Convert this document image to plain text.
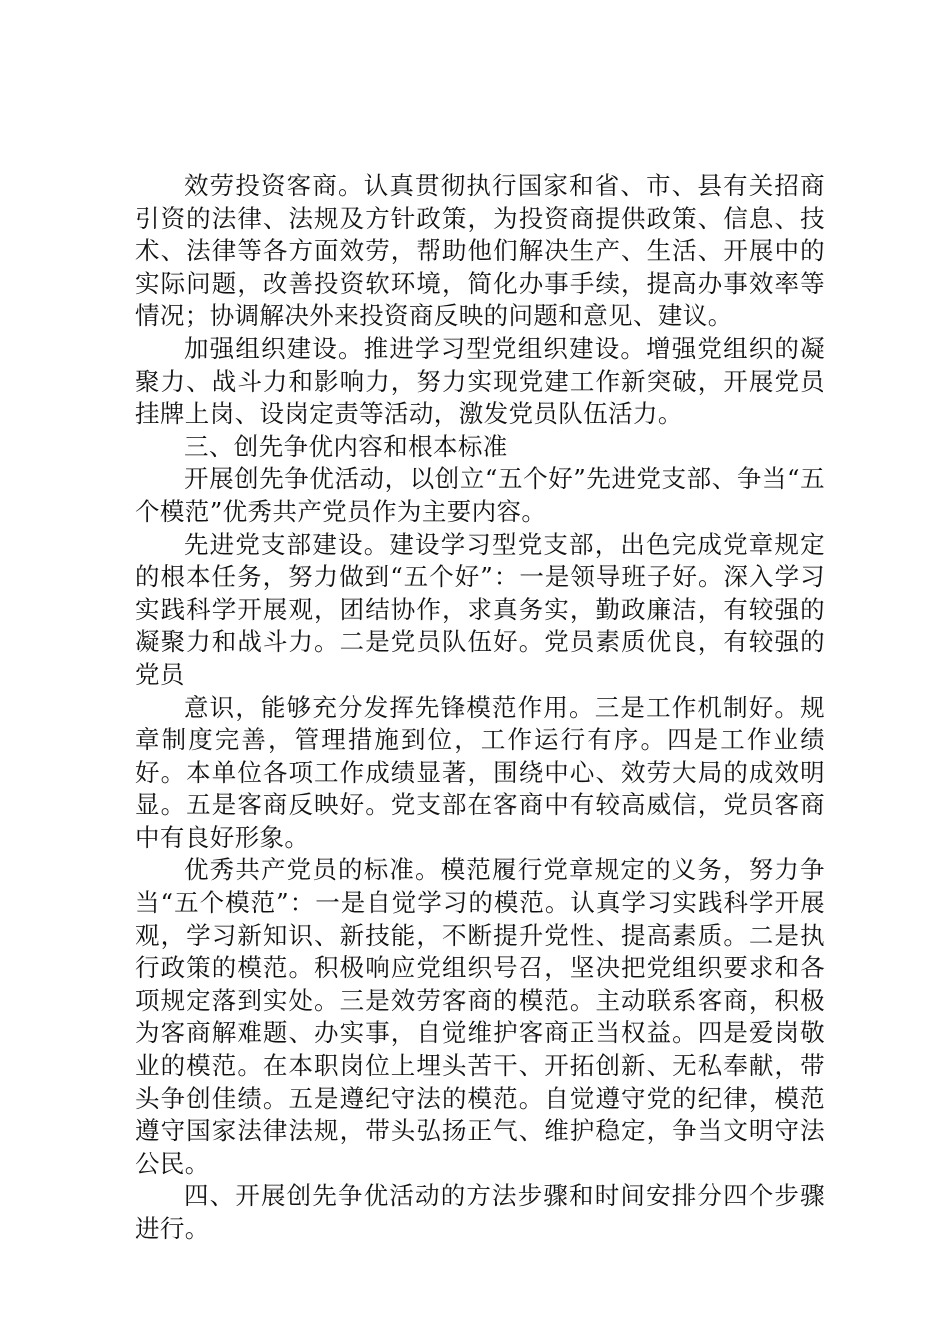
效劳投资客商。认真贯彻执行国家和省、市、县有关招商引资的法律、法规及方针政策，为投资商提供政策、信息、技术、法律等各方面效劳，帮助他们解决生产、生活、开展中的实际问题，改善投资软环境，简化办事手续，提高办事效率等情况；协调解决外来投资商反映的问题和意见、建议。

加强组织建设。推进学习型党组织建设。增强党组织的凝聚力、战斗力和影响力，努力实现党建工作新突破，开展党员挂牌上岗、设岗定责等活动，激发党员队伍活力。

三、创先争优内容和根本标准

开展创先争优活动，以创立“五个好”先进党支部、争当“五个模范”优秀共产党员作为主要内容。

先进党支部建设。建设学习型党支部，出色完成党章规定的根本任务，努力做到“五个好”：一是领导班子好。深入学习实践科学开展观，团结协作，求真务实，勤政廉洁，有较强的凝聚力和战斗力。二是党员队伍好。党员素质优良，有较强的党员

意识，能够充分发挥先锋模范作用。三是工作机制好。规章制度完善，管理措施到位，工作运行有序。四是工作业绩好。本单位各项工作成绩显著，围绕中心、效劳大局的成效明显。五是客商反映好。党支部在客商中有较高威信，党员客商中有良好形象。

优秀共产党员的标准。模范履行党章规定的义务，努力争当“五个模范”：一是自觉学习的模范。认真学习实践科学开展观，学习新知识、新技能，不断提升党性、提高素质。二是执行政策的模范。积极响应党组织号召，坚决把党组织要求和各项规定落到实处。三是效劳客商的模范。主动联系客商，积极为客商解难题、办实事，自觉维护客商正当权益。四是爱岗敬业的模范。在本职岗位上埋头苦干、开拓创新、无私奉献，带头争创佳绩。五是遵纪守法的模范。自觉遵守党的纪律，模范遵守国家法律法规，带头弘扬正气、维护稳定，争当文明守法公民。

四、开展创先争优活动的方法步骤和时间安排分四个步骤进行。
